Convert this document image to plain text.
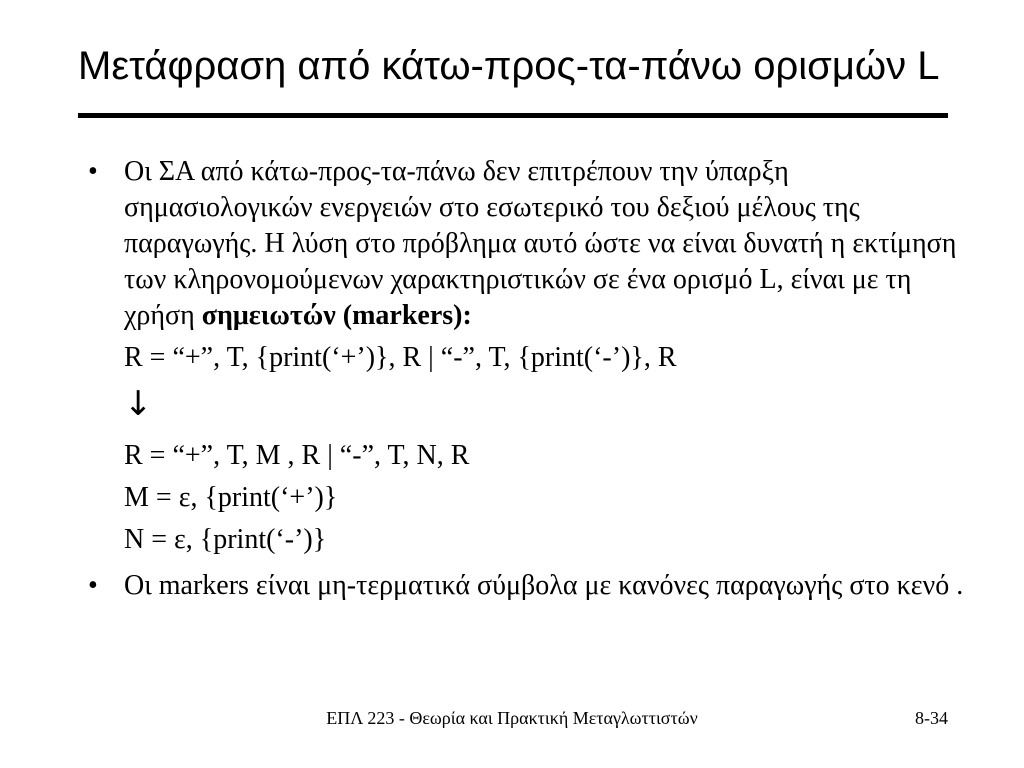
Μετάφραση από κάτω-προς-τα-πάνω ορισμών L
• Οι ΣΑ από κάτω-προς-τα-πάνω δεν επιτρέπουν την ύπαρξη σημασιολογικών ενεργειών στο εσωτερικό του δεξιού μέλους της παραγωγής. Η λύση στο πρόβλημα αυτό ώστε να είναι δυνατή η εκτίμηση των κληρονομούμενων χαρακτηριστικών σε ένα ορισμό L, είναι με τη χρήση σημειωτών (markers):
R = “+”, T, {print(‘+’)}, R | “-”, T, {print(‘-’)}, R
↓
R = “+”, T, M , R | “-”, T, N, R
M = ε, {print(‘+’)}
N = ε, {print(‘-’)}
• Οι markers είναι μη-τερματικά σύμβολα με κανόνες παραγωγής στο κενό .
ΕΠΛ 223 - Θεωρία και Πρακτική Μεταγλωττιστών	8-34
